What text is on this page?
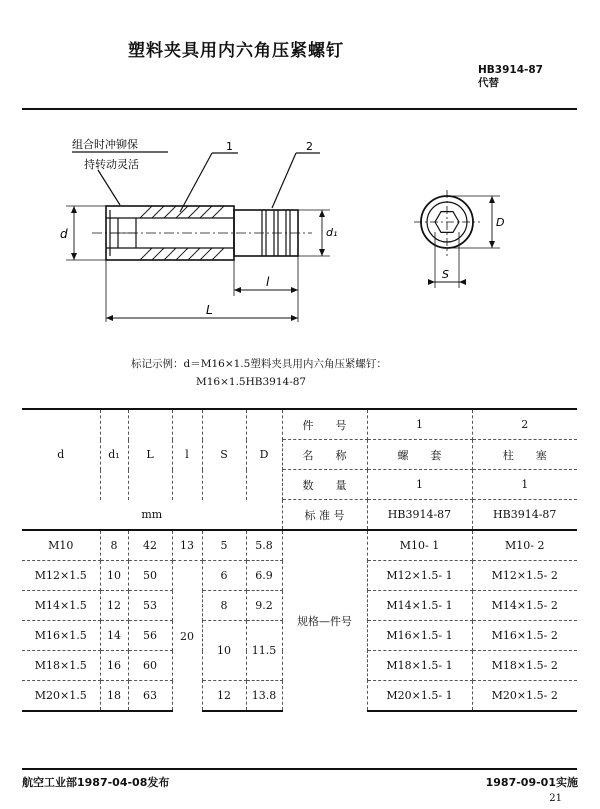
塑料夹具用内六角压紧螺钉
HB3914-87
代替
组合时冲铆保
持转动灵活
1	2
d	d₁
l
L
D
S
标记示例：d＝M16×1.5塑料夹具用内六角压紧螺钉：
M16×1.5HB3914-87
d	d₁	L	l	S	D	件　　号	1	2
						名　　称	螺　　套	柱　　塞
						数　　量	1	1
mm						标 准 号	HB3914-87	HB3914-87
M10	8	42	13	5	5.8	规格—件号	M10- 1	M10- 2
M12×1.5	10	50	20	6	6.9		M12×1.5- 1	M12×1.5- 2
M14×1.5	12	53		8	9.2		M14×1.5- 1	M14×1.5- 2
M16×1.5	14	56		10	11.5		M16×1.5- 1	M16×1.5- 2
M18×1.5	16	60					M18×1.5- 1	M18×1.5- 2
M20×1.5	18	63		12	13.8		M20×1.5- 1	M20×1.5- 2
航空工业部1987-04-08发布	1987-09-01实施
21
